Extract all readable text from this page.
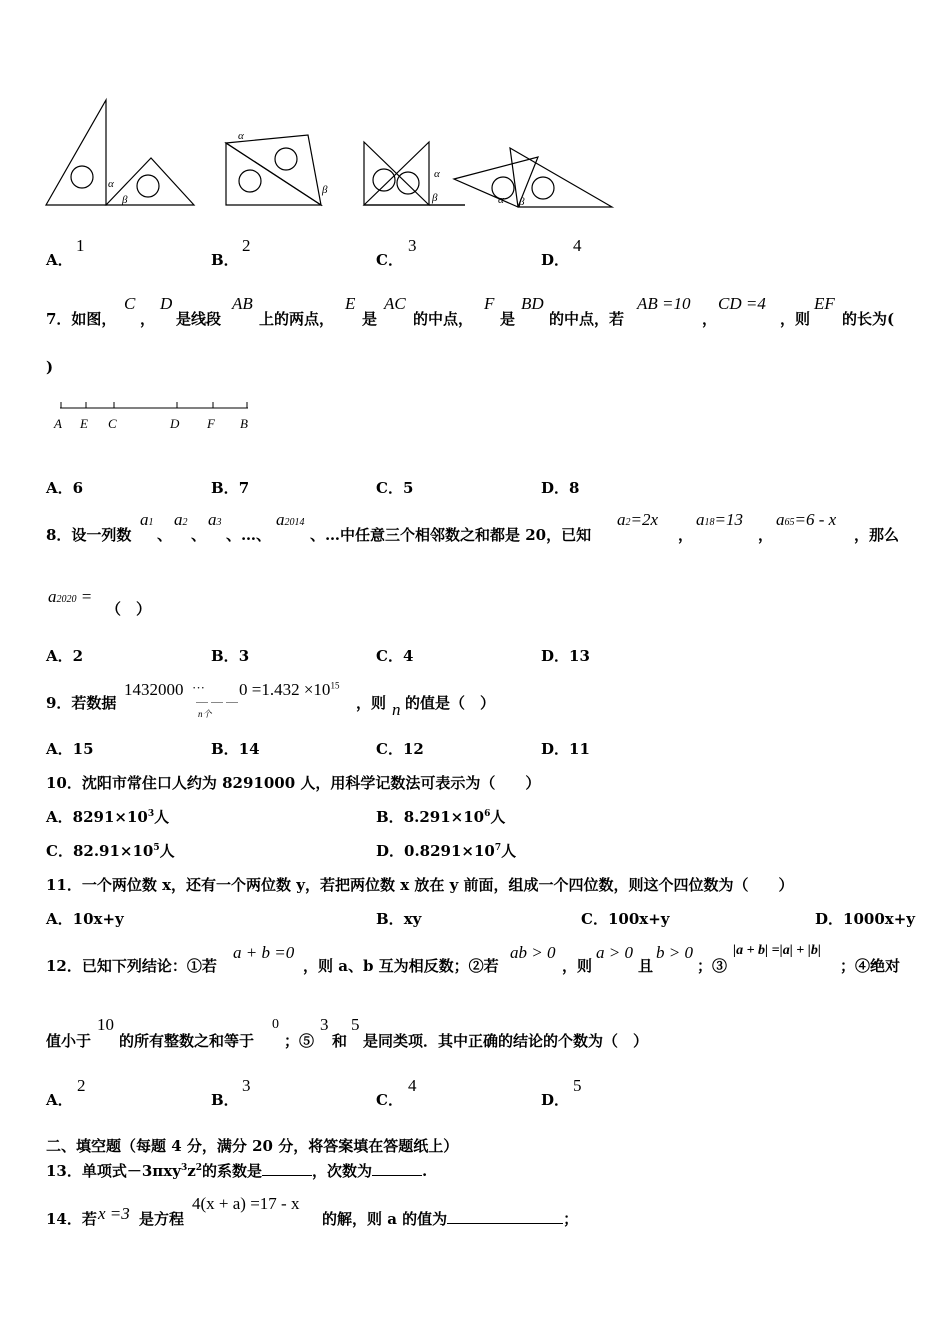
α
β
α
β
α
β	α β
A．
1
B．
2
C．
3
D．
4
7．如图，
C
，
D
是线段
AB
上的两点，
E
是
AC
的中点，
F
是
BD
的中点，若
AB =10
，
CD =4
，则
EF
的长为(
)
A E C	D F B
A．6	B．7	C．5	D．8
8．设一列数
a1
、
a2
、
a3
、…、
a2014
、…中任意三个相邻数之和都是 20，已知
a2=2x
，
a18=13
，
a65=6 - x
，那么
a2020 =
（　）
A．2	B．3	C．4	D．13
9．若数据
1432000 ···
＿ ＿ ＿ $0 =1.432 \times 10^{15}$
n个
，则 n 的值是（　）
A．15	B．14	C．12	D．11
10．沈阳市常住口人约为 8291000 人，用科学记数法可表示为（　　）
A．$8291\times 10^3$人	B．$8.291\times 10^6$人
C．$82.91\times 10^5$人	D．$0.8291\times 10^7$人
11．一个两位数 x，还有一个两位数 y，若把两位数 x 放在 y 前面，组成一个四位数，则这个四位数为（　　）
A．10x+y	B．xy	C．100x+y	D．1000x+y
12．已知下列结论：①若
a + b =0
，则 a、b 互为相反数；②若
ab > 0
，则
a > 0
且
b > 0
；③
|a + b| =|a| + |b|
；④绝对
值小于
10
的所有整数之和等于
0
；⑤
3
和
5
是同类项．其中正确的结论的个数为（　）
A．
2
B．
3
C．
4
D．
5
二、填空题（每题 4 分，满分 20 分，将答案填在答题纸上）
13．单项式$-3\pi xy^3z^2$的系数是	，次数为	.
14．若 x =3 是方程
4(x + a) =17 - x
的解，则 a 的值为	；
